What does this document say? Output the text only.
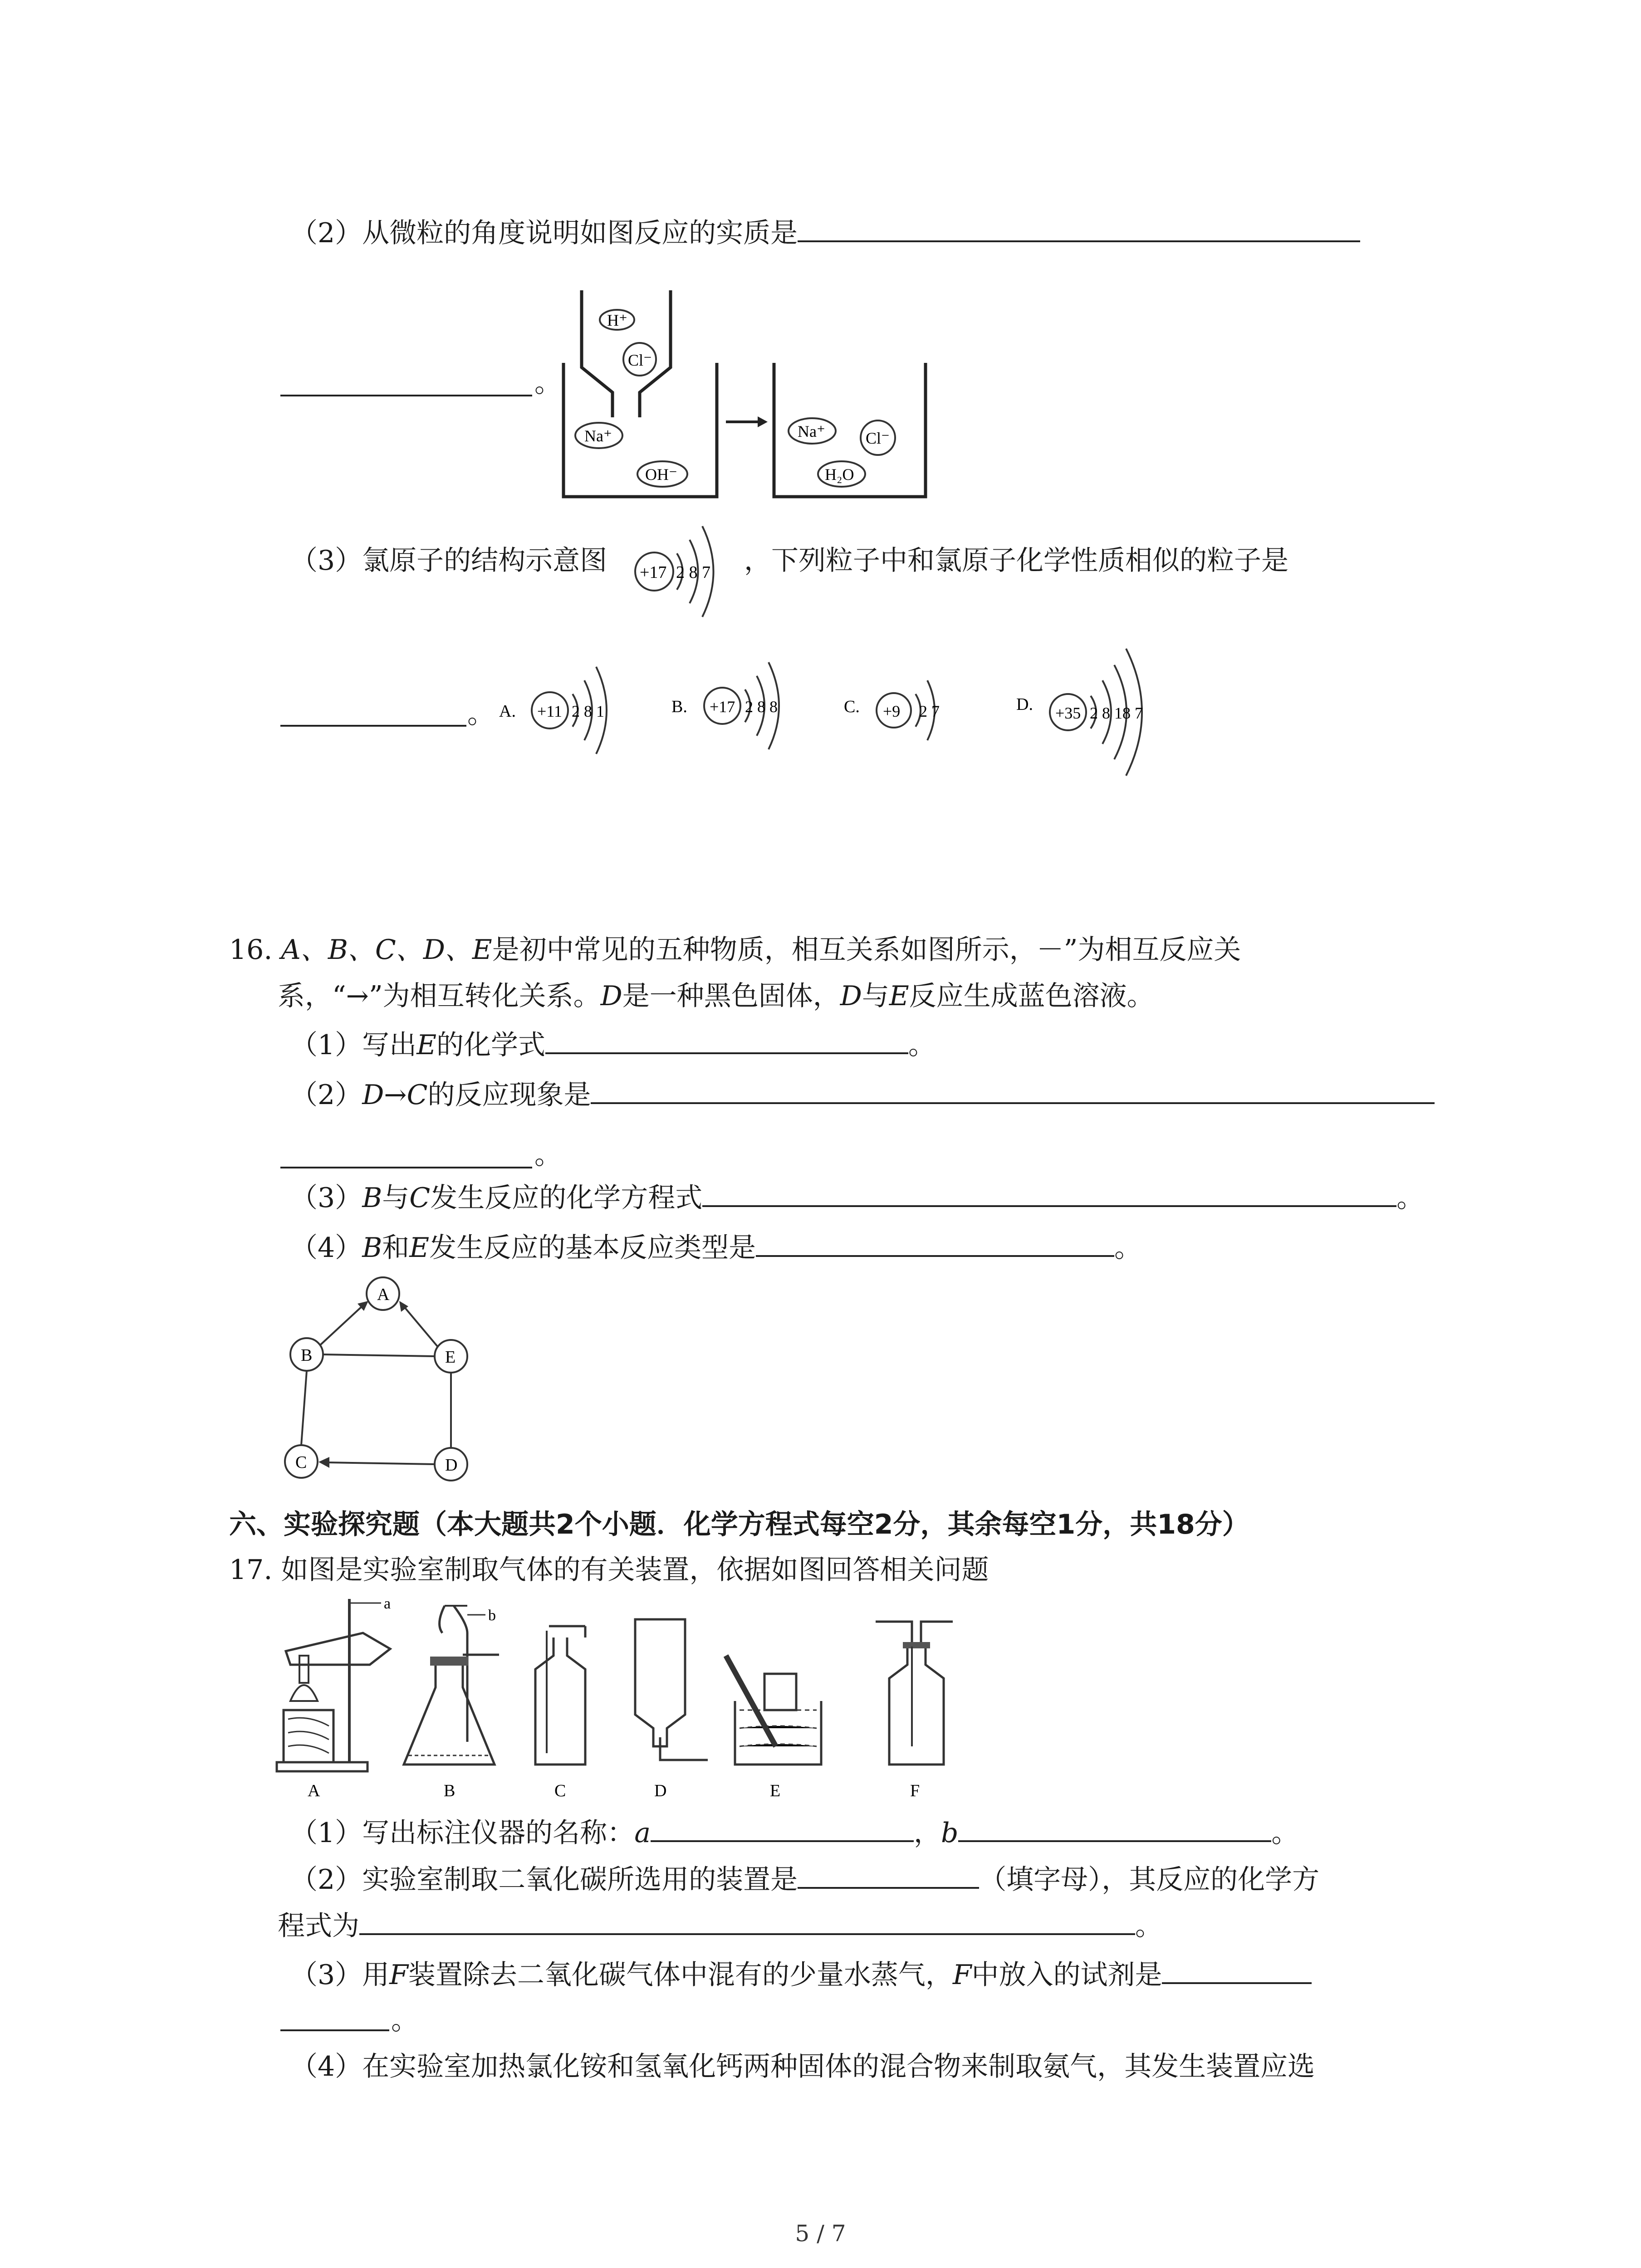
（2）从微粒的角度说明如图反应的实质是
。
H⁺
Cl⁻
Na⁺
OH⁻
Na⁺ Cl⁻
H₂O
（3）氯原子的结构示意图 +17 2 8 7 ，下列粒子中和氯原子化学性质相似的粒子是
。 A. +11 2 8 1	B. +17 2 8 8	C. +9 2 7	D. +35 2 8 18 7
16. A、B、C、D、E是初中常见的五种物质，相互关系如图所示，－”为相互反应关
系，“→”为相互转化关系。D是一种黑色固体，D与E反应生成蓝色溶液。
（1）写出E的化学式	。
（2）D→C的反应现象是
。
（3）B与C发生反应的化学方程式	。
（4）B和E发生反应的基本反应类型是	。
A
B	E
C	D
六、实验探究题（本大题共2个小题．化学方程式每空2分，其余每空1分，共18分）
17. 如图是实验室制取气体的有关装置，依据如图回答相关问题
a
A
b
B	C	D	E	F
（1）写出标注仪器的名称：a	，b	。
（2）实验室制取二氧化碳所选用的装置是	（填字母），其反应的化学方
程式为	。
（3）用F装置除去二氧化碳气体中混有的少量水蒸气，F中放入的试剂是
。
（4）在实验室加热氯化铵和氢氧化钙两种固体的混合物来制取氨气，其发生装置应选
5 / 7
